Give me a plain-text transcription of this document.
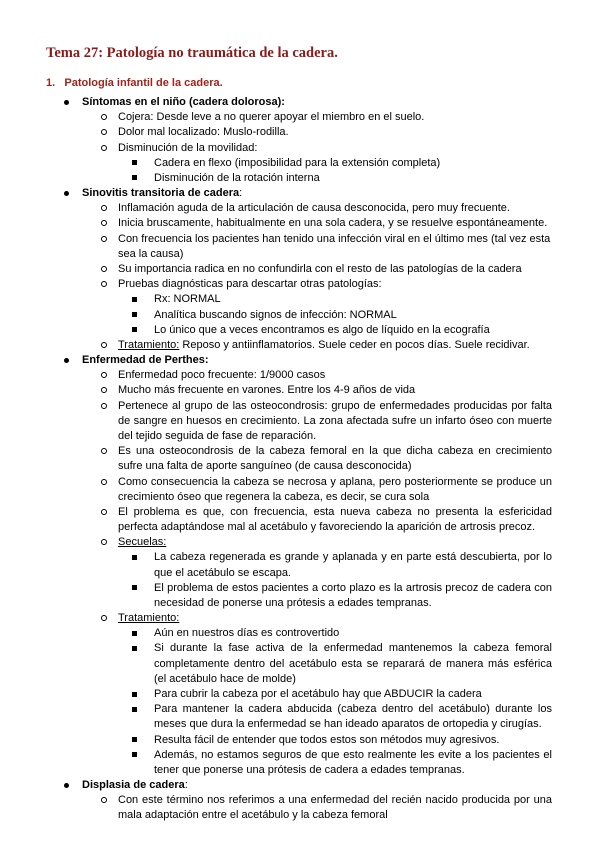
Tema 27: Patología no traumática de la cadera.
1. Patología infantil de la cadera.
Síntomas en el niño (cadera dolorosa):
Cojera: Desde leve a no querer apoyar el miembro en el suelo.
Dolor mal localizado: Muslo-rodilla.
Disminución de la movilidad:
Cadera en flexo (imposibilidad para la extensión completa)
Disminución de la rotación interna
Sinovitis transitoria de cadera:
Inflamación aguda de la articulación de causa desconocida, pero muy frecuente.
Inicia bruscamente, habitualmente en una sola cadera, y se resuelve espontáneamente.
Con frecuencia los pacientes han tenido una infección viral en el último mes (tal vez esta
sea la causa)
Su importancia radica en no confundirla con el resto de las patologías de la cadera
Pruebas diagnósticas para descartar otras patologías:
Rx: NORMAL
Analítica buscando signos de infección: NORMAL
Lo único que a veces encontramos es algo de líquido en la ecografía
Tratamiento: Reposo y antiinflamatorios. Suele ceder en pocos días. Suele recidivar.
Enfermedad de Perthes:
Enfermedad poco frecuente: 1/9000 casos
Mucho más frecuente en varones. Entre los 4-9 años de vida
Pertenece al grupo de las osteocondrosis: grupo de enfermedades producidas por falta
de sangre en huesos en crecimiento. La zona afectada sufre un infarto óseo con muerte
del tejido seguida de fase de reparación.
Es una osteocondrosis de la cabeza femoral en la que dicha cabeza en crecimiento
sufre una falta de aporte sanguíneo (de causa desconocida)
Como consecuencia la cabeza se necrosa y aplana, pero posteriormente se produce un
crecimiento óseo que regenera la cabeza, es decir, se cura sola
El problema es que, con frecuencia, esta nueva cabeza no presenta la esfericidad
perfecta adaptándose mal al acetábulo y favoreciendo la aparición de artrosis precoz.
Secuelas:
La cabeza regenerada es grande y aplanada y en parte está descubierta, por lo
que el acetábulo se escapa.
El problema de estos pacientes a corto plazo es la artrosis precoz de cadera con
necesidad de ponerse una prótesis a edades tempranas.
Tratamiento:
Aún en nuestros días es controvertido
Si durante la fase activa de la enfermedad mantenemos la cabeza femoral
completamente dentro del acetábulo esta se reparará de manera más esférica
(el acetábulo hace de molde)
Para cubrir la cabeza por el acetábulo hay que ABDUCIR la cadera
Para mantener la cadera abducida (cabeza dentro del acetábulo) durante los
meses que dura la enfermedad se han ideado aparatos de ortopedia y cirugías.
Resulta fácil de entender que todos estos son métodos muy agresivos.
Además, no estamos seguros de que esto realmente les evite a los pacientes el
tener que ponerse una prótesis de cadera a edades tempranas.
Displasia de cadera:
Con este término nos referimos a una enfermedad del recién nacido producida por una
mala adaptación entre el acetábulo y la cabeza femoral
